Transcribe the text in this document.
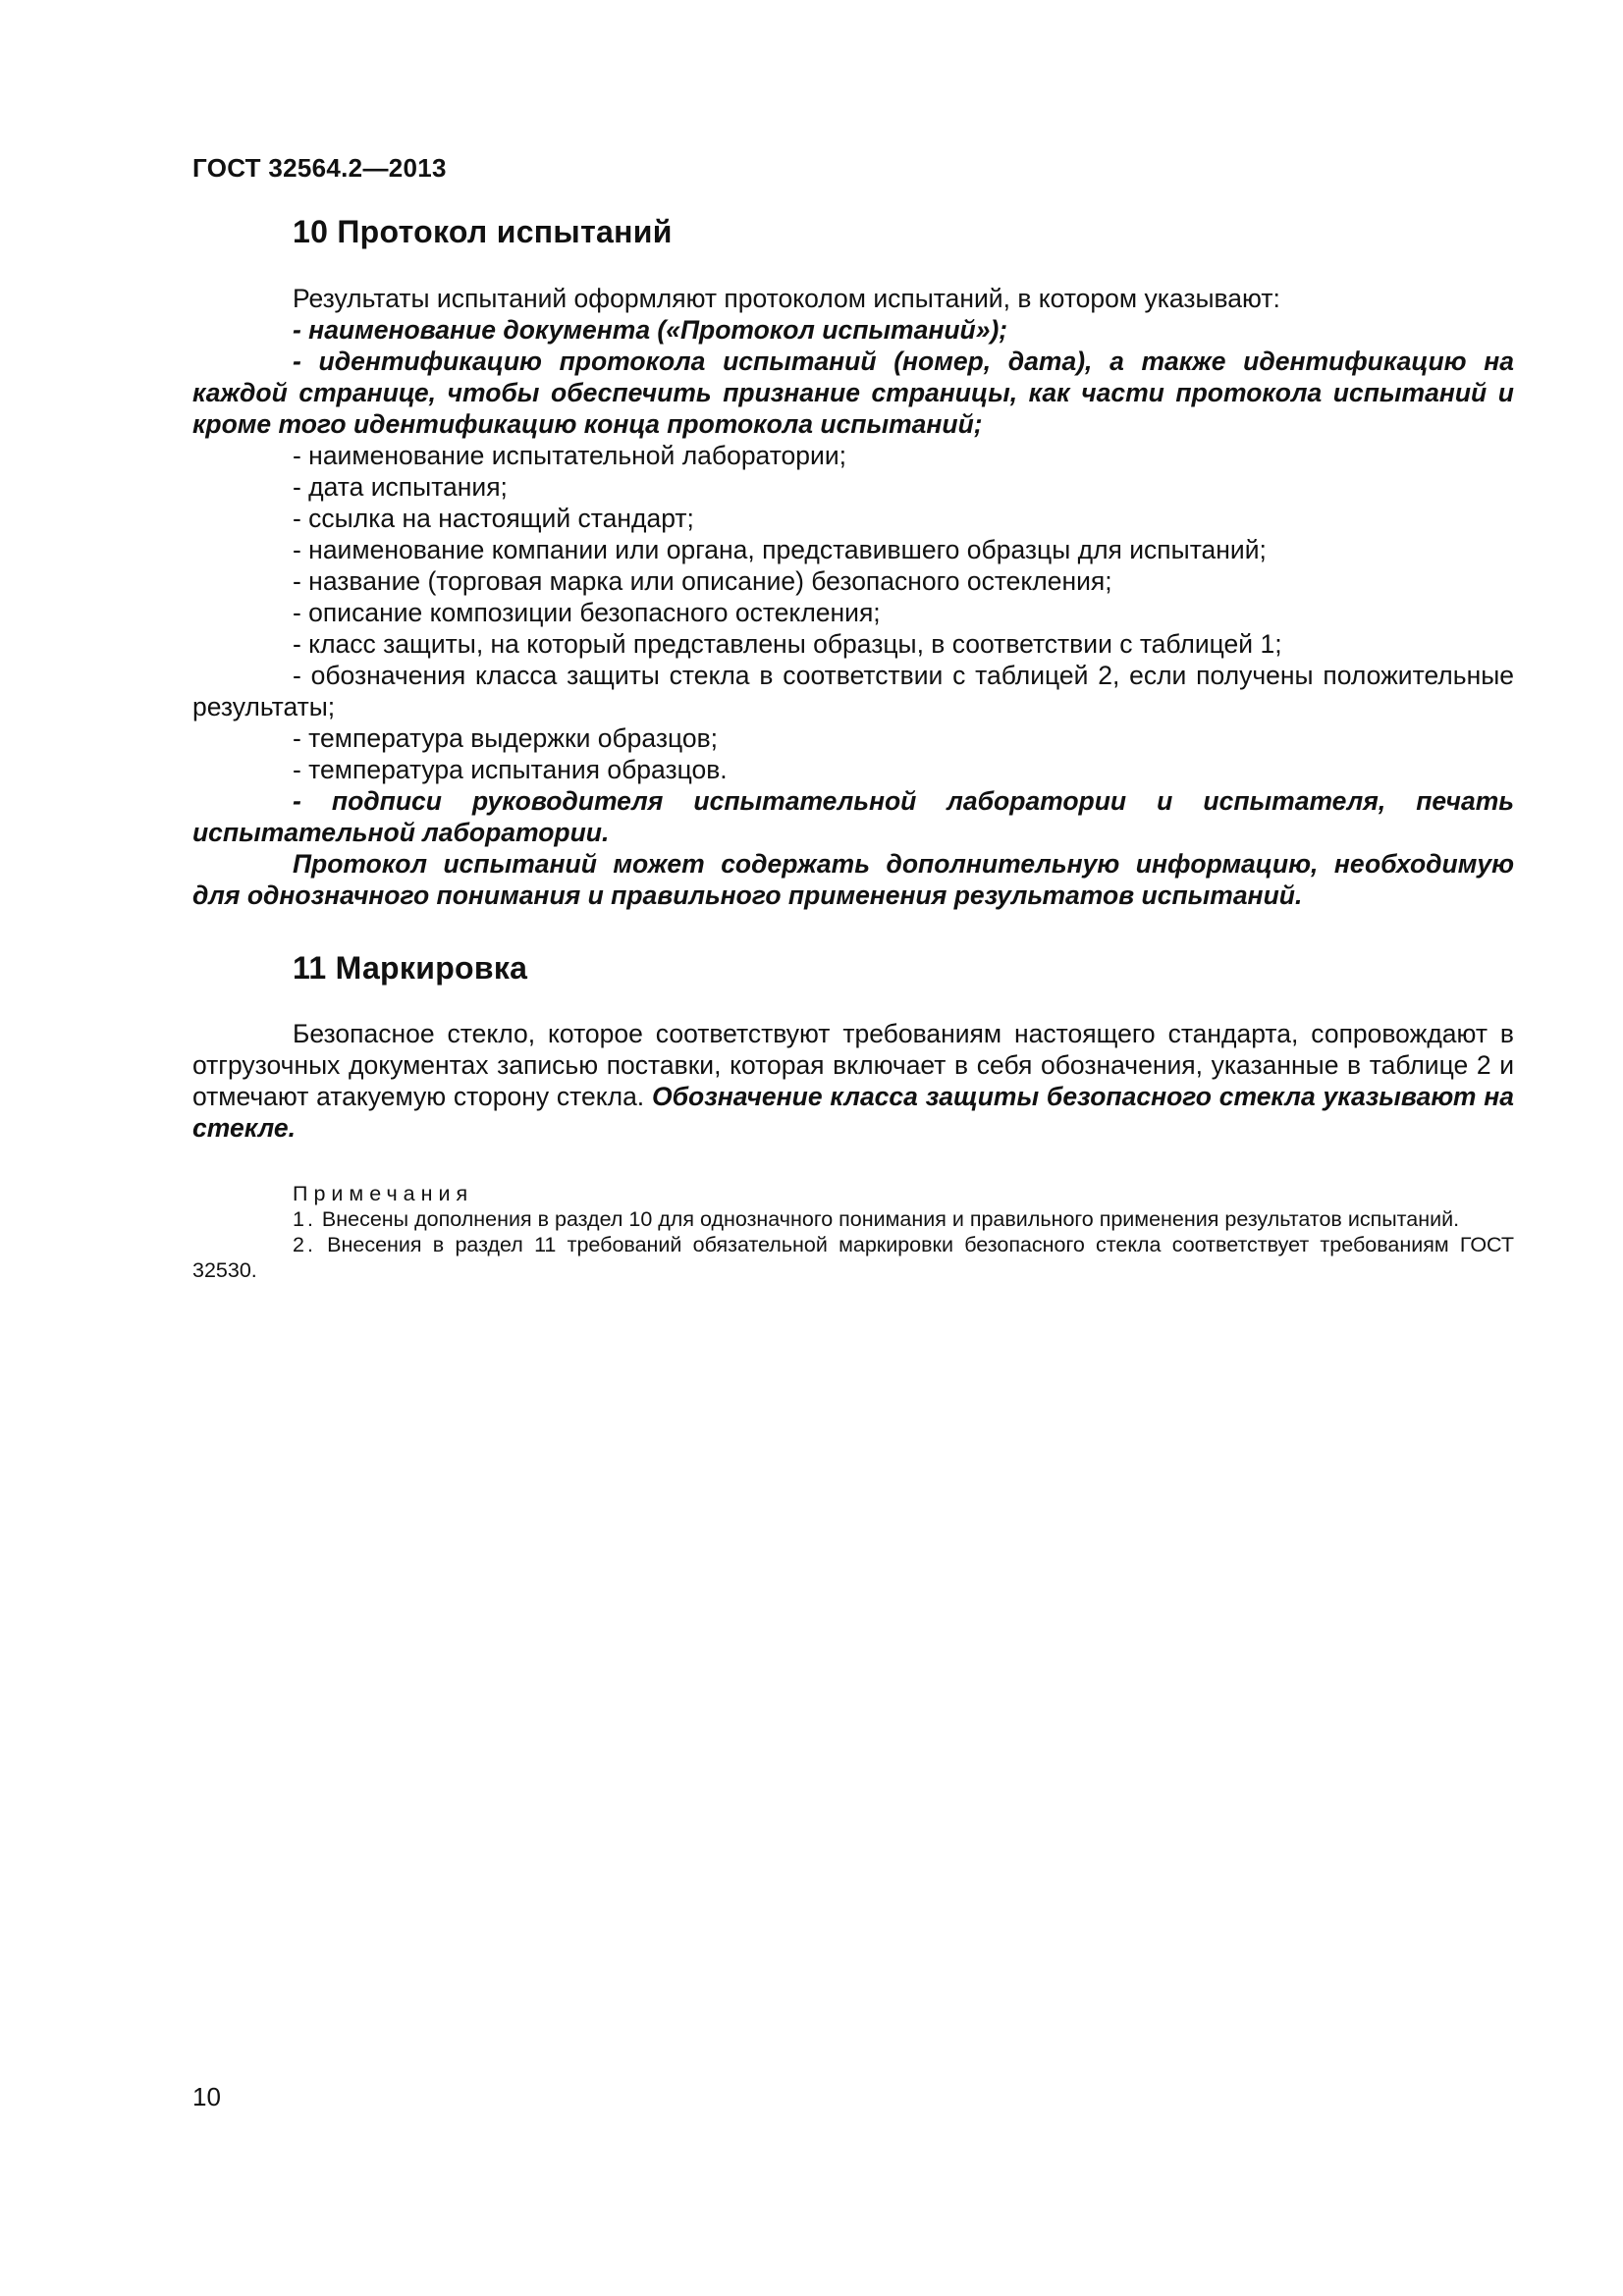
ГОСТ 32564.2—2013
10 Протокол испытаний

Результаты испытаний оформляют протоколом испытаний, в котором указывают:

- наименование документа («Протокол испытаний»);

- идентификацию протокола испытаний (номер, дата), а также идентификацию на каждой странице, чтобы обеспечить признание страницы, как части протокола испытаний и кроме того идентификацию конца протокола испытаний;

- наименование испытательной лаборатории;

- дата испытания;

- ссылка на настоящий стандарт;

- наименование компании или органа, представившего образцы для испытаний;

- название (торговая марка или описание) безопасного остекления;

- описание композиции безопасного остекления;

- класс защиты, на который представлены образцы, в соответствии с таблицей 1;

- обозначения класса защиты стекла в соответствии с таблицей 2, если получены положительные результаты;

- температура выдержки образцов;

- температура испытания образцов.

- подписи руководителя испытательной лаборатории и испытателя, печать испытательной лаборатории.

Протокол испытаний может содержать дополнительную информацию, необходимую для однозначного понимания и правильного применения результатов испытаний.

11 Маркировка

Безопасное стекло, которое соответствуют требованиям настоящего стандарта, сопровождают в отгрузочных документах записью поставки, которая включает в себя обозначения, указанные в таблице 2 и отмечают атакуемую сторону стекла. Обозначение класса защиты безопасного стекла указывают на стекле.

Примечания

1. Внесены дополнения в раздел 10 для однозначного понимания и правильного применения результатов испытаний.

2. Внесения в раздел 11 требований обязательной маркировки безопасного стекла соответствует требованиям ГОСТ 32530.

10
